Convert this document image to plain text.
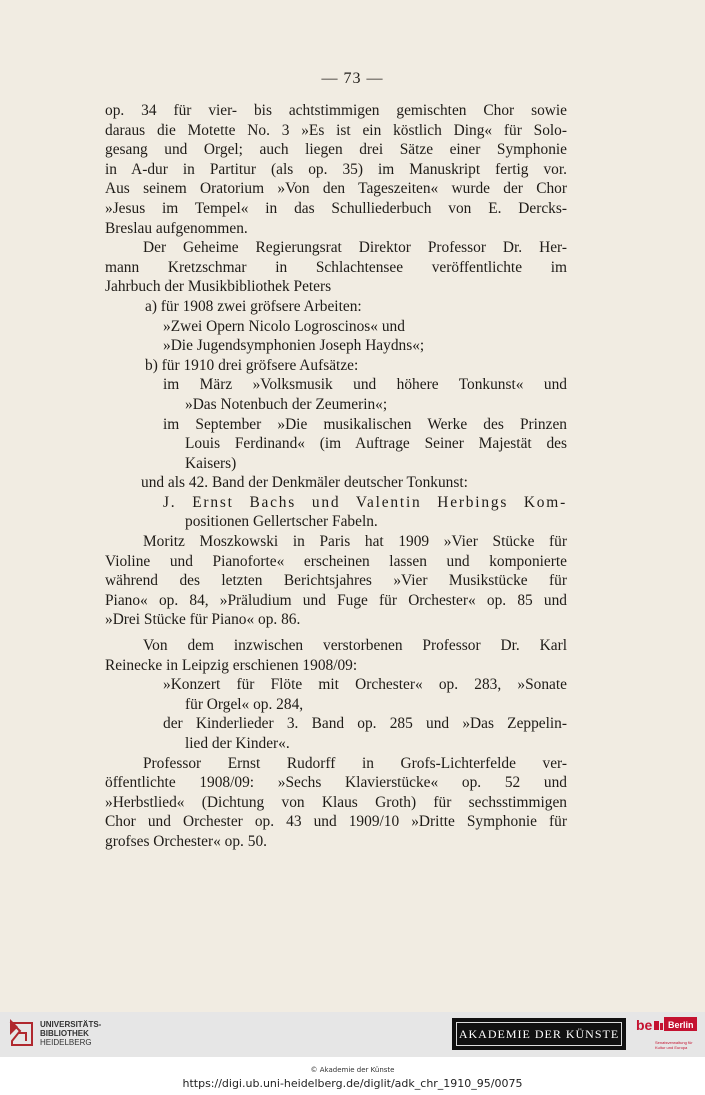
— 73 —

op. 34 für vier- bis achtstimmigen gemischten Chor sowie

daraus die Motette No. 3 »Es ist ein köstlich Ding« für Solo-

gesang und Orgel; auch liegen drei Sätze einer Symphonie

in A-dur in Partitur (als op. 35) im Manuskript fertig vor.

Aus seinem Oratorium »Von den Tageszeiten« wurde der Chor

»Jesus im Tempel« in das Schulliederbuch von E. Dercks-

Breslau aufgenommen.

Der Geheime Regierungsrat Direktor Professor Dr. Her-

mann Kretzschmar in Schlachtensee veröffentlichte im

Jahrbuch der Musikbibliothek Peters

a) für 1908 zwei gröfsere Arbeiten:

»Zwei Opern Nicolo Logroscinos« und

»Die Jugendsymphonien Joseph Haydns«;

b) für 1910 drei gröfsere Aufsätze:

im März »Volksmusik und höhere Tonkunst« und

»Das Notenbuch der Zeumerin«;

im September »Die musikalischen Werke des Prinzen

Louis Ferdinand« (im Auftrage Seiner Majestät des

Kaisers)

und als 42. Band der Denkmäler deutscher Tonkunst:

J. Ernst Bachs und Valentin Herbings Kom-

positionen Gellertscher Fabeln.

Moritz Moszkowski in Paris hat 1909 »Vier Stücke für

Violine und Pianoforte« erscheinen lassen und komponierte

während des letzten Berichtsjahres »Vier Musikstücke für

Piano« op. 84, »Präludium und Fuge für Orchester« op. 85 und

»Drei Stücke für Piano« op. 86.

Von dem inzwischen verstorbenen Professor Dr. Karl

Reinecke in Leipzig erschienen 1908/09:

»Konzert für Flöte mit Orchester« op. 283, »Sonate

für Orgel« op. 284,

der Kinderlieder 3. Band op. 285 und »Das Zeppelin-

lied der Kinder«.

Professor Ernst Rudorff in Grofs-Lichterfelde ver-

öffentlichte 1908/09: »Sechs Klavierstücke« op. 52 und

»Herbstlied« (Dichtung von Klaus Groth) für sechsstimmigen

Chor und Orchester op. 43 und 1909/10 »Dritte Symphonie für

grofses Orchester« op. 50.

UNIVERSITÄTS-
BIBLIOTHEK
HEIDELBERG
AKADEMIE DER KÜNSTE
be Berlin
Senatsverwaltung für Kultur und Europa
© Akademie der Künste
https://digi.ub.uni-heidelberg.de/diglit/adk_chr_1910_95/0075
